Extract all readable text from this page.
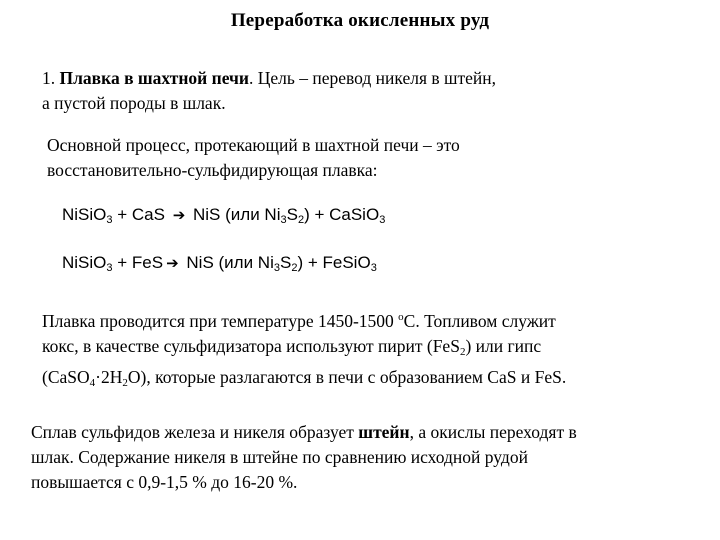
Переработка окисленных руд
1. Плавка в шахтной печи. Цель – перевод никеля в штейн,
а пустой породы в шлак.
Основной процесс, протекающий в шахтной печи – это
восстановительно-сульфидирующая плавка:
NiSiO$_3$ + CaS ➔ NiS (или $Ni_3S_2$) + CaSiO$_3$
NiSiO$_3$ + FeS ➔ NiS (или $Ni_3S_2$) + FeSiO$_3$
Плавка проводится при температуре 1450-1500 $^о$С. Топливом служит
кокс, в качестве сульфидизатора используют пирит (FeS$_2$) или гипс
$(CaSO_4\cdot 2H_2O)$, которые разлагаются в печи с образованием CaS и FeS.
Сплав сульфидов железа и никеля образует штейн, а окислы переходят в
шлак. Содержание никеля в штейне по сравнению исходной рудой
повышается с 0,9-1,5 % до 16-20 %.
